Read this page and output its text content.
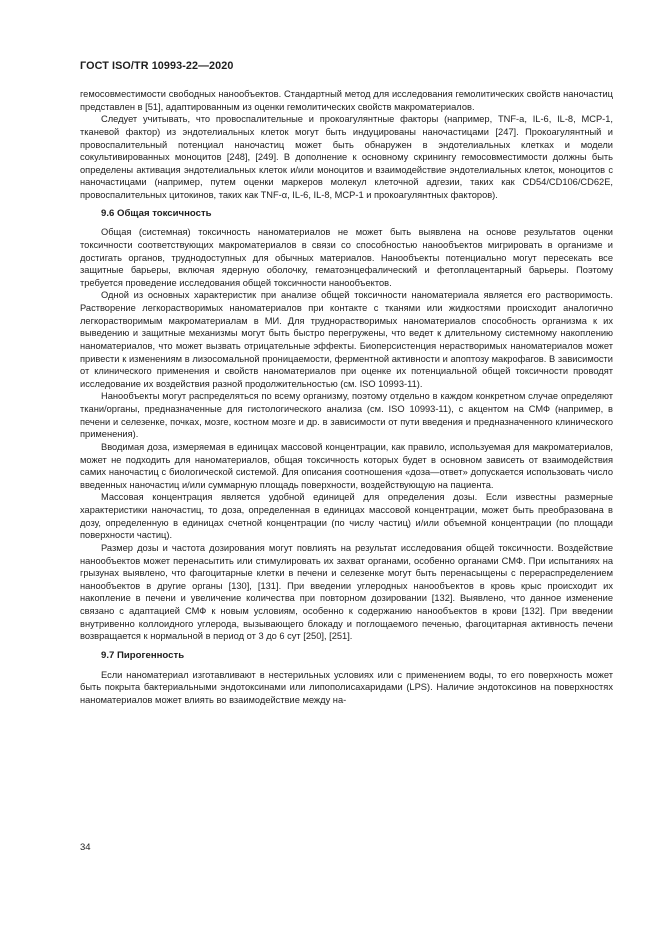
ГОСТ ISO/TR 10993-22—2020

гемосовместимости свободных нанообъектов. Стандартный метод для исследования гемолитических свойств наночастиц представлен в [51], адаптированным из оценки гемолитических свойств макроматериалов.

Следует учитывать, что провоспалительные и прокоагулянтные факторы (например, TNF-a, IL-6, IL-8, MCP-1, тканевой фактор) из эндотелиальных клеток могут быть индуцированы наночастицами [247]. Прокоагулянтный и провоспалительный потенциал наночастиц может быть обнаружен в эндотелиальных клетках и модели сокультивированных моноцитов [248], [249]. В дополнение к основному скринингу гемосовместимости должны быть определены активация эндотелиальных клеток и/или моноцитов и взаимодействие эндотелиальных клеток, моноцитов с наночастицами (например, путем оценки маркеров молекул клеточной адгезии, таких как CD54/CD106/CD62E, провоспалительных цитокинов, таких как TNF-α, IL-6, IL-8, MCP-1 и прокоагулянтных факторов).

9.6 Общая токсичность

Общая (системная) токсичность наноматериалов не может быть выявлена на основе результатов оценки токсичности соответствующих макроматериалов в связи со способностью нанообъектов мигрировать в организме и достигать органов, труднодоступных для обычных материалов. Нанообъекты потенциально могут пересекать все защитные барьеры, включая ядерную оболочку, гематоэнцефалический и фетоплацентарный барьеры. Поэтому требуется проведение исследования общей токсичности нанообъектов.

Одной из основных характеристик при анализе общей токсичности наноматериала является его растворимость. Растворение легкорастворимых наноматериалов при контакте с тканями или жидкостями происходит аналогично легкорастворимым макроматериалам в МИ. Для труднорастворимых наноматериалов способность организма к их выведению и защитные механизмы могут быть быстро перегружены, что ведет к длительному системному накоплению наноматериалов, что может вызвать отрицательные эффекты. Биоперсистенция нерастворимых наноматериалов может привести к изменениям в лизосомальной проницаемости, ферментной активности и апоптозу макрофагов. В зависимости от клинического применения и свойств наноматериалов при оценке их потенциальной общей токсичности проводят исследование их воздействия разной продолжительностью (см. ISO 10993-11).

Нанообъекты могут распределяться по всему организму, поэтому отдельно в каждом конкретном случае определяют ткани/органы, предназначенные для гистологического анализа (см. ISO 10993-11), с акцентом на СМФ (например, в печени и селезенке, почках, мозге, костном мозге и др. в зависимости от пути введения и предназначенного клинического применения).

Вводимая доза, измеряемая в единицах массовой концентрации, как правило, используемая для макроматериалов, может не подходить для наноматериалов, общая токсичность которых будет в основном зависеть от взаимодействия самих наночастиц с биологической системой. Для описания соотношения «доза—ответ» допускается использовать число введенных наночастиц и/или суммарную площадь поверхности, воздействующую на пациента.

Массовая концентрация является удобной единицей для определения дозы. Если известны размерные характеристики наночастиц, то доза, определенная в единицах массовой концентрации, может быть преобразована в дозу, определенную в единицах счетной концентрации (по числу частиц) и/или объемной концентрации (по площади поверхности частиц).

Размер дозы и частота дозирования могут повлиять на результат исследования общей токсичности. Воздействие нанообъектов может перенасытить или стимулировать их захват органами, особенно органами СМФ. При испытаниях на грызунах выявлено, что фагоцитарные клетки в печени и селезенке могут быть перенасыщены с перераспределением нанообъектов в другие органы [130], [131]. При введении углеродных нанообъектов в кровь крыс происходит их накопление в печени и увеличение количества при повторном дозировании [132]. Выявлено, что данное изменение связано с адаптацией СМФ к новым условиям, особенно к содержанию нанообъектов в крови [132]. При введении внутривенно коллоидного углерода, вызывающего блокаду и поглощаемого печенью, фагоцитарная активность печени возвращается к нормальной в период от 3 до 6 сут [250], [251].

9.7 Пирогенность

Если наноматериал изготавливают в нестерильных условиях или с применением воды, то его поверхность может быть покрыта бактериальными эндотоксинами или липополисахаридами (LPS). Наличие эндотоксинов на поверхностях наноматериалов может влиять во взаимодействие между на-

34
